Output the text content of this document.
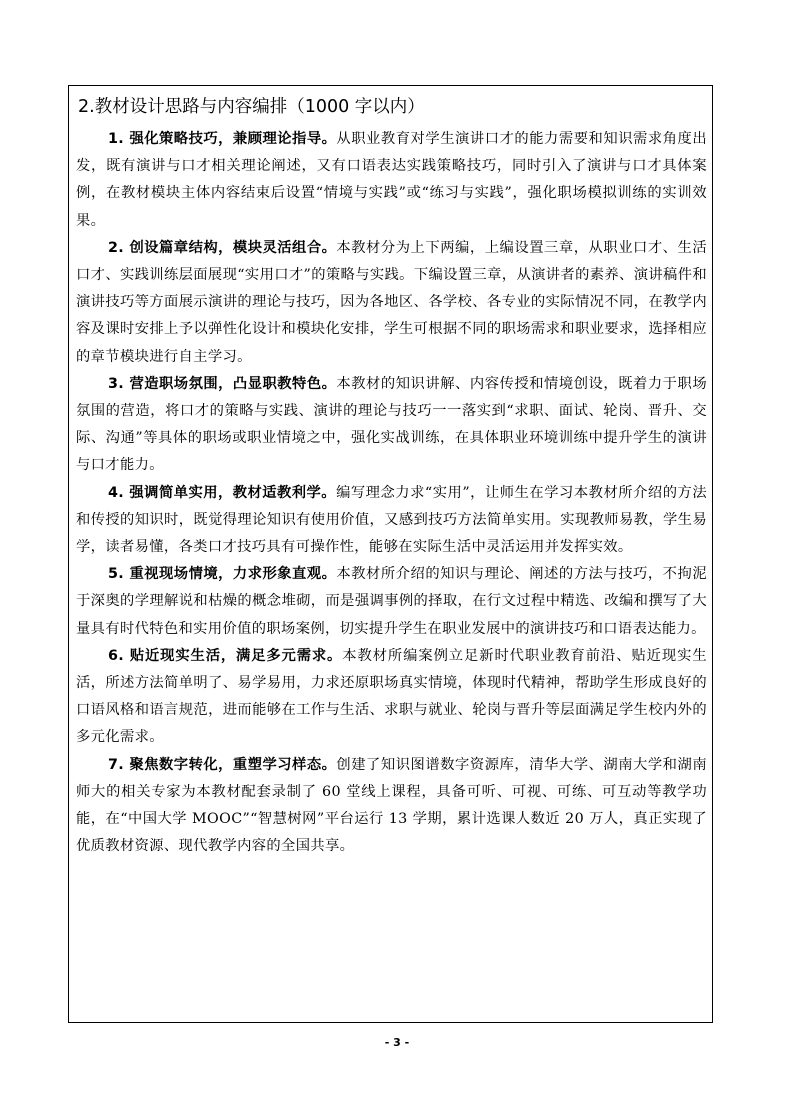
2.教材设计思路与内容编排（1000 字以内）

1. 强化策略技巧，兼顾理论指导。从职业教育对学生演讲口才的能力需要和知识需求角度出发，既有演讲与口才相关理论阐述，又有口语表达实践策略技巧，同时引入了演讲与口才具体案例，在教材模块主体内容结束后设置“情境与实践”或“练习与实践”，强化职场模拟训练的实训效果。

2. 创设篇章结构，模块灵活组合。本教材分为上下两编，上编设置三章，从职业口才、生活口才、实践训练层面展现“实用口才”的策略与实践。下编设置三章，从演讲者的素养、演讲稿件和演讲技巧等方面展示演讲的理论与技巧，因为各地区、各学校、各专业的实际情况不同，在教学内容及课时安排上予以弹性化设计和模块化安排，学生可根据不同的职场需求和职业要求，选择相应的章节模块进行自主学习。

3. 营造职场氛围，凸显职教特色。本教材的知识讲解、内容传授和情境创设，既着力于职场氛围的营造，将口才的策略与实践、演讲的理论与技巧一一落实到“求职、面试、轮岗、晋升、交际、沟通”等具体的职场或职业情境之中，强化实战训练，在具体职业环境训练中提升学生的演讲与口才能力。

4. 强调简单实用，教材适教利学。编写理念力求“实用”，让师生在学习本教材所介绍的方法和传授的知识时，既觉得理论知识有使用价值，又感到技巧方法简单实用。实现教师易教，学生易学，读者易懂，各类口才技巧具有可操作性，能够在实际生活中灵活运用并发挥实效。

5. 重视现场情境，力求形象直观。本教材所介绍的知识与理论、阐述的方法与技巧，不拘泥于深奥的学理解说和枯燥的概念堆砌，而是强调事例的择取，在行文过程中精选、改编和撰写了大量具有时代特色和实用价值的职场案例，切实提升学生在职业发展中的演讲技巧和口语表达能力。

6. 贴近现实生活，满足多元需求。本教材所编案例立足新时代职业教育前沿、贴近现实生活，所述方法简单明了、易学易用，力求还原职场真实情境，体现时代精神，帮助学生形成良好的口语风格和语言规范，进而能够在工作与生活、求职与就业、轮岗与晋升等层面满足学生校内外的多元化需求。

7. 聚焦数字转化，重塑学习样态。创建了知识图谱数字资源库，清华大学、湖南大学和湖南师大的相关专家为本教材配套录制了 60 堂线上课程，具备可听、可视、可练、可互动等教学功能，在“中国大学 MOOC”“智慧树网”平台运行 13 学期，累计选课人数近 20 万人，真正实现了优质教材资源、现代教学内容的全国共享。

- 3 -
